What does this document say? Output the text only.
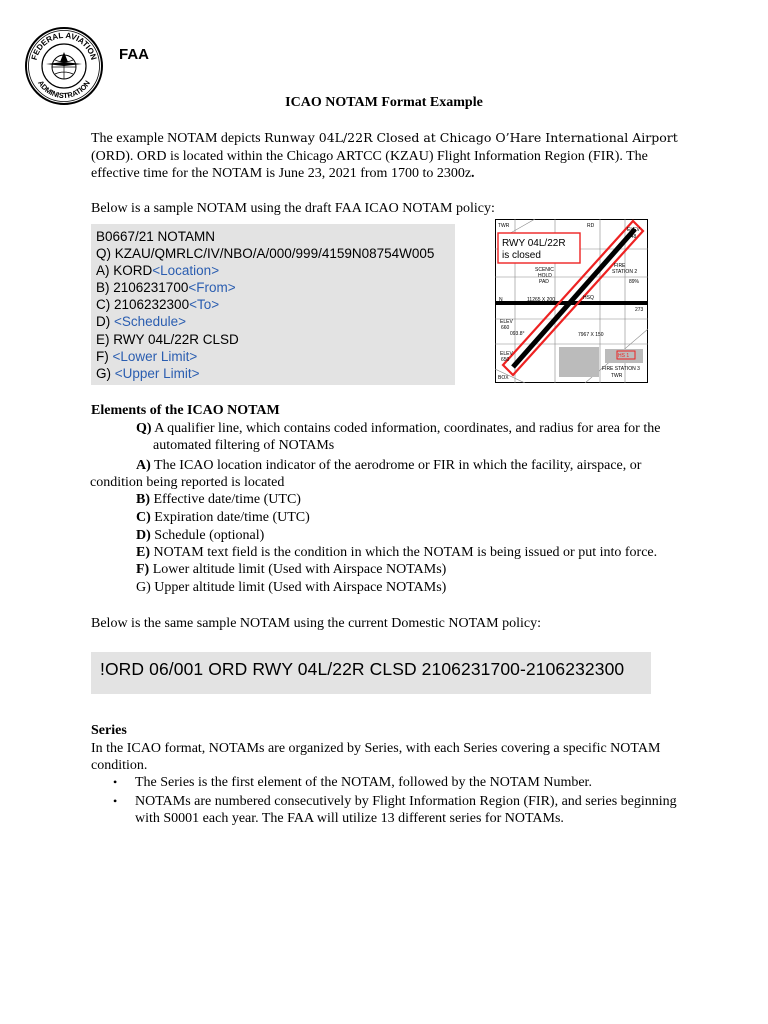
FEDERAL AVIATION
ADMINISTRATION
FAA
ICAO NOTAM Format Example
The example NOTAM depicts Runway 04L/22R Closed at Chicago O’Hare International Airport (ORD). ORD is located within the Chicago ARTCC (KZAU) Flight Information Region (FIR). The effective time for the NOTAM is June 23, 2021 from 1700 to 2300z.
Below is a sample NOTAM using the draft FAA ICAO NOTAM policy:
B0667/21 NOTAMN
Q) KZAU/QMRLC/IV/NBO/A/000/999/4159N08754W005
A) KORD<Location>
B) 2106231700<From>
C) 2106232300<To>
D) <Schedule>
E) RWY 04L/22R CLSD
F) <Lower Limit>
G) <Upper Limit>
RWY 04L/22R
is closed
TWR
ELEV
648
SCENIC
HOLD
PAD
FIRE
STATION 2
11265 X 200	HSQ
273
ELEV
660
7967 X 150
093.8°
ELEV
650
HS 1
FIRE STATION 3
TWR
BOX
N
RD
89%
Elements of the ICAO NOTAM
Q) A qualifier line, which contains coded information, coordinates, and radius for area for the
automated filtering of NOTAMs
A) The ICAO location indicator of the aerodrome or FIR in which the facility, airspace, or
condition being reported is located
B) Effective date/time (UTC)
C) Expiration date/time (UTC)
D) Schedule (optional)
E) NOTAM text field is the condition in which the NOTAM is being issued or put into force.
F) Lower altitude limit (Used with Airspace NOTAMs)
G) Upper altitude limit (Used with Airspace NOTAMs)
Below is the same sample NOTAM using the current Domestic NOTAM policy:
!ORD 06/001 ORD RWY 04L/22R CLSD 2106231700-2106232300
Series
In the ICAO format, NOTAMs are organized by Series, with each Series covering a specific NOTAM condition.
• The Series is the first element of the NOTAM, followed by the NOTAM Number.
• NOTAMs are numbered consecutively by Flight Information Region (FIR), and series beginning with S0001 each year. The FAA will utilize 13 different series for NOTAMs.
